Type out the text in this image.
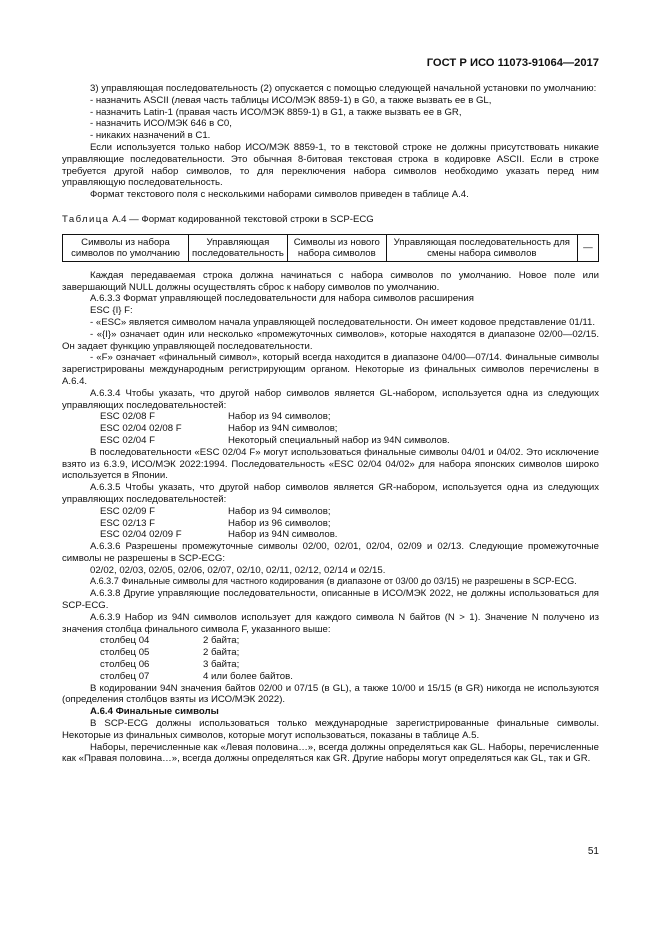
ГОСТ Р ИСО 11073-91064—2017

3) управляющая последовательность (2) опускается с помощью следующей начальной установки по умолчанию:

- назначить ASCII (левая часть таблицы ИСО/МЭК 8859-1) в G0, а также вызвать ее в GL,

- назначить Latin-1 (правая часть ИСО/МЭК 8859-1) в G1, а также вызвать ее в GR,

- назначить ИСО/МЭК 646 в C0,

- никаких назначений в C1.

Если используется только набор ИСО/МЭК 8859-1, то в текстовой строке не должны присутствовать никакие управляющие последовательности. Это обычная 8-битовая текстовая строка в кодировке ASCII. Если в строке требуется другой набор символов, то для переключения набора символов необходимо указать перед ним управляющую последовательность.

Формат текстового поля с несколькими наборами символов приведен в таблице А.4.

Таблица А.4 — Формат кодированной текстовой строки в SCP-ECG

Символы из набора символов по умолчанию	Управляющая последовательность	Символы из нового набора символов	Управляющая последовательность для смены набора символов	—

Каждая передаваемая строка должна начинаться с набора символов по умолчанию. Новое поле или завершающий NULL должны осуществлять сброс к набору символов по умолчанию.

А.6.3.3 Формат управляющей последовательности для набора символов расширения

ESC {I} F:

- «ESC» является символом начала управляющей последовательности. Он имеет кодовое представление 01/11.

- «{I}» означает один или несколько «промежуточных символов», которые находятся в диапазоне 02/00—02/15. Он задает функцию управляющей последовательности.

- «F» означает «финальный символ», который всегда находится в диапазоне 04/00—07/14. Финальные символы зарегистрированы международным регистрирующим органом. Некоторые из финальных символов перечислены в А.6.4.

А.6.3.4 Чтобы указать, что другой набор символов является GL-набором, используется одна из следующих управляющих последовательностей:

ESC 02/08 F	Набор из 94 символов;
ESC 02/04 02/08 F	Набор из 94N символов;
ESC 02/04 F	Некоторый специальный набор из 94N символов.

В последовательности «ESC 02/04 F» могут использоваться финальные символы 04/01 и 04/02. Это исключение взято из 6.3.9, ИСО/МЭК 2022:1994. Последовательность «ESC 02/04 04/02» для набора японских символов широко используется в Японии.

А.6.3.5 Чтобы указать, что другой набор символов является GR-набором, используется одна из следующих управляющих последовательностей:

ESC 02/09 F	Набор из 94 символов;
ESC 02/13 F	Набор из 96 символов;
ESC 02/04 02/09 F	Набор из 94N символов.

А.6.3.6 Разрешены промежуточные символы 02/00, 02/01, 02/04, 02/09 и 02/13. Следующие промежуточные символы не разрешены в SCP-ECG:

02/02, 02/03, 02/05, 02/06, 02/07, 02/10, 02/11, 02/12, 02/14 и 02/15.

А.6.3.7 Финальные символы для частного кодирования (в диапазоне от 03/00 до 03/15) не разрешены в SCP-ECG.

А.6.3.8 Другие управляющие последовательности, описанные в ИСО/МЭК 2022, не должны использоваться для SCP-ECG.

А.6.3.9 Набор из 94N символов использует для каждого символа N байтов (N > 1). Значение N получено из значения столбца финального символа F, указанного выше:

столбец 04	2 байта;
столбец 05	2 байта;
столбец 06	3 байта;
столбец 07	4 или более байтов.

В кодировании 94N значения байтов 02/00 и 07/15 (в GL), а также 10/00 и 15/15 (в GR) никогда не используются (определения столбцов взяты из ИСО/МЭК 2022).

А.6.4 Финальные символы

В SCP-ECG должны использоваться только международные зарегистрированные финальные символы. Некоторые из финальных символов, которые могут использоваться, показаны в таблице А.5.

Наборы, перечисленные как «Левая половина…», всегда должны определяться как GL. Наборы, перечисленные как «Правая половина…», всегда должны определяться как GR. Другие наборы могут определяться как GL, так и GR.

51
